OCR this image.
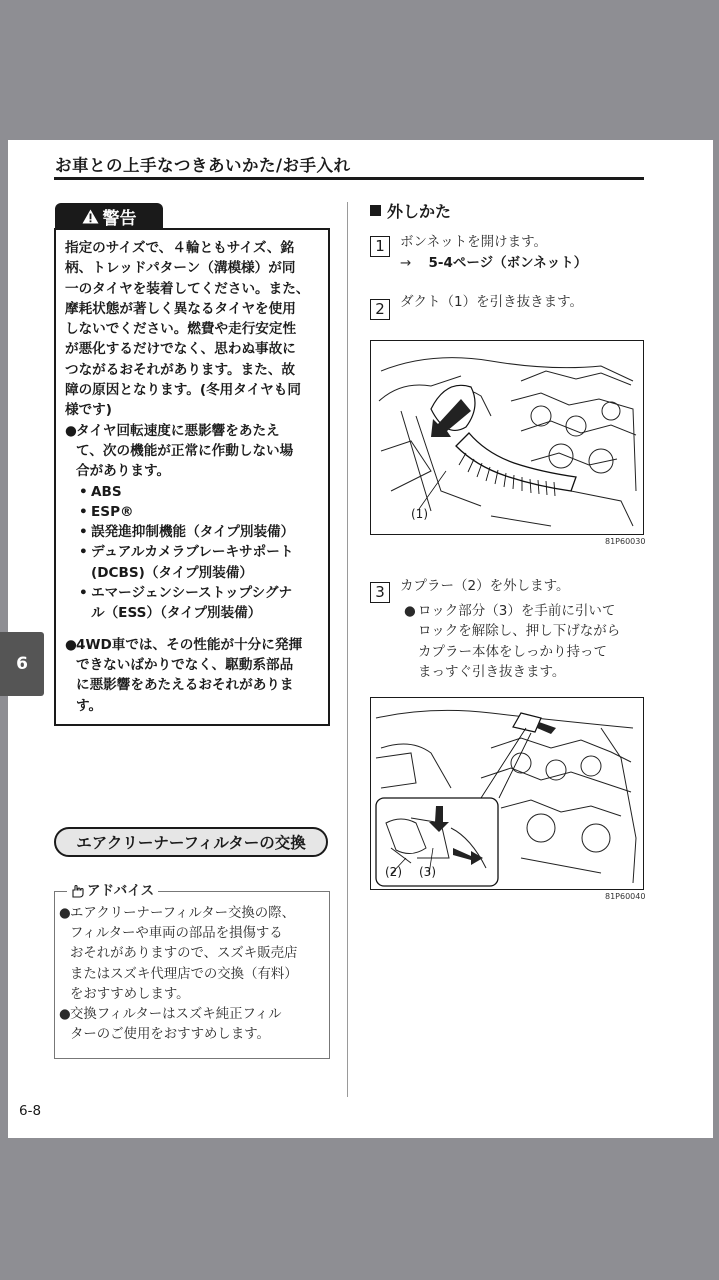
お車との上手なつきあいかた/お手入れ
警告

指定のサイズで、４輪ともサイズ、銘

柄、トレッドパターン（溝模様）が同

一のタイヤを装着してください。また、

摩耗状態が著しく異なるタイヤを使用

しないでください。燃費や走行安定性

が悪化するだけでなく、思わぬ事故に

つながるおそれがあります。また、故

障の原因となります。(冬用タイヤも同

様です)

● タイヤ回転速度に悪影響をあたえ

て、次の機能が正常に作動しない場

合があります。

• ABS

• ESP®

• 誤発進抑制機能（タイプ別装備）

• デュアルカメラブレーキサポート

(DCBS)（タイプ別装備）

• エマージェンシーストップシグナ

ル（ESS）（タイプ別装備）

● 4WD車では、その性能が十分に発揮

できないばかりでなく、駆動系部品

に悪影響をあたえるおそれがありま

す。

6
エアクリーナーフィルターの交換
アドバイス
● エアクリーナーフィルター交換の際、

フィルターや車両の部品を損傷する

おそれがありますので、スズキ販売店

またはスズキ代理店での交換（有料）

をおすすめします。

● 交換フィルターはスズキ純正フィル

ターのご使用をおすすめします。

6-8
外しかた
1	ボンネットを開けます。
→ 5-4ページ（ボンネット）
2	ダクト（1）を引き抜きます。
(1)
81P60030
3	カプラー（2）を外します。
● ロック部分（3）を手前に引いて
ロックを解除し、押し下げながら
カプラー本体をしっかり持って
まっすぐ引き抜きます。
(2) (3)
81P60040
